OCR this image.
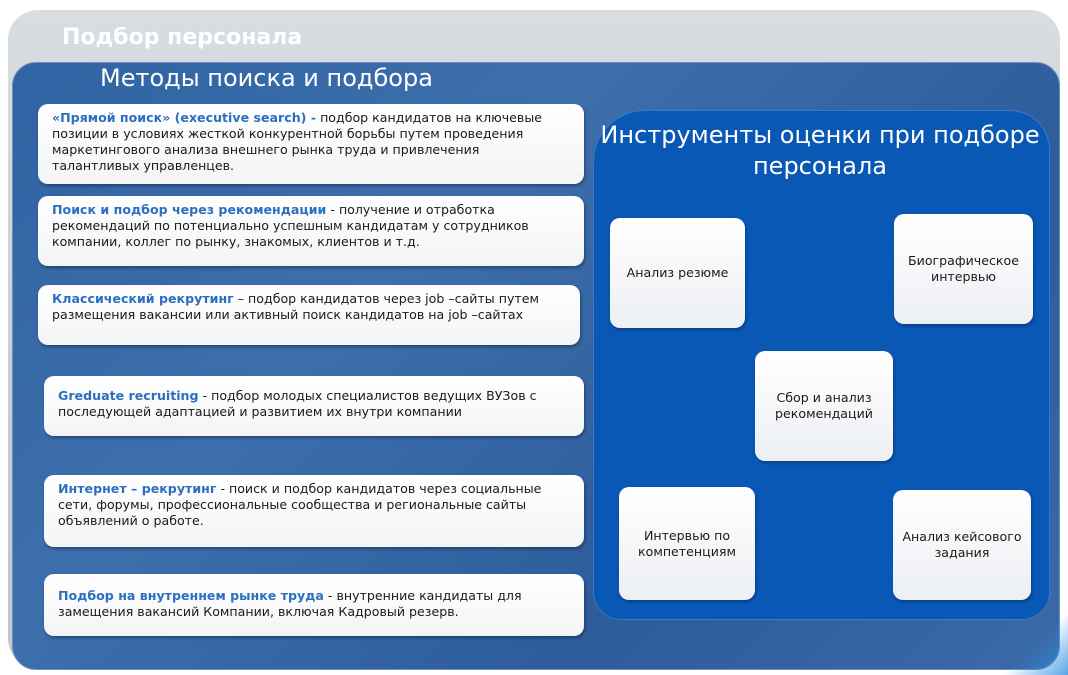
Подбор персонала
Методы поиска и подбора
«Прямой поиск» (executive search) - подбор кандидатов на ключевые позиции в условиях жесткой конкурентной борьбы путем проведения маркетингового анализа внешнего рынка труда и привлечения талантливых управленцев.
Поиск и подбор через рекомендации - получение и отработка рекомендаций по потенциально успешным кандидатам у сотрудников компании, коллег по рынку, знакомых, клиентов и т.д.
Классический рекрутинг – подбор кандидатов через job –сайты путем размещения вакансии или активный поиск кандидатов на job –сайтах
Greduate recruiting - подбор молодых специалистов ведущих ВУЗов с последующей адаптацией и развитием их внутри компании
Интернет – рекрутинг - поиск и подбор кандидатов через социальные сети, форумы, профессиональные сообщества и региональные сайты объявлений о работе.
Подбор на внутреннем рынке труда - внутренние кандидаты для замещения вакансий Компании, включая Кадровый резерв.
Инструменты оценки при подборе персонала
Анализ резюме
Биографическое интервью
Сбор и анализ рекомендаций
Интервью по компетенциям
Анализ кейсового задания
